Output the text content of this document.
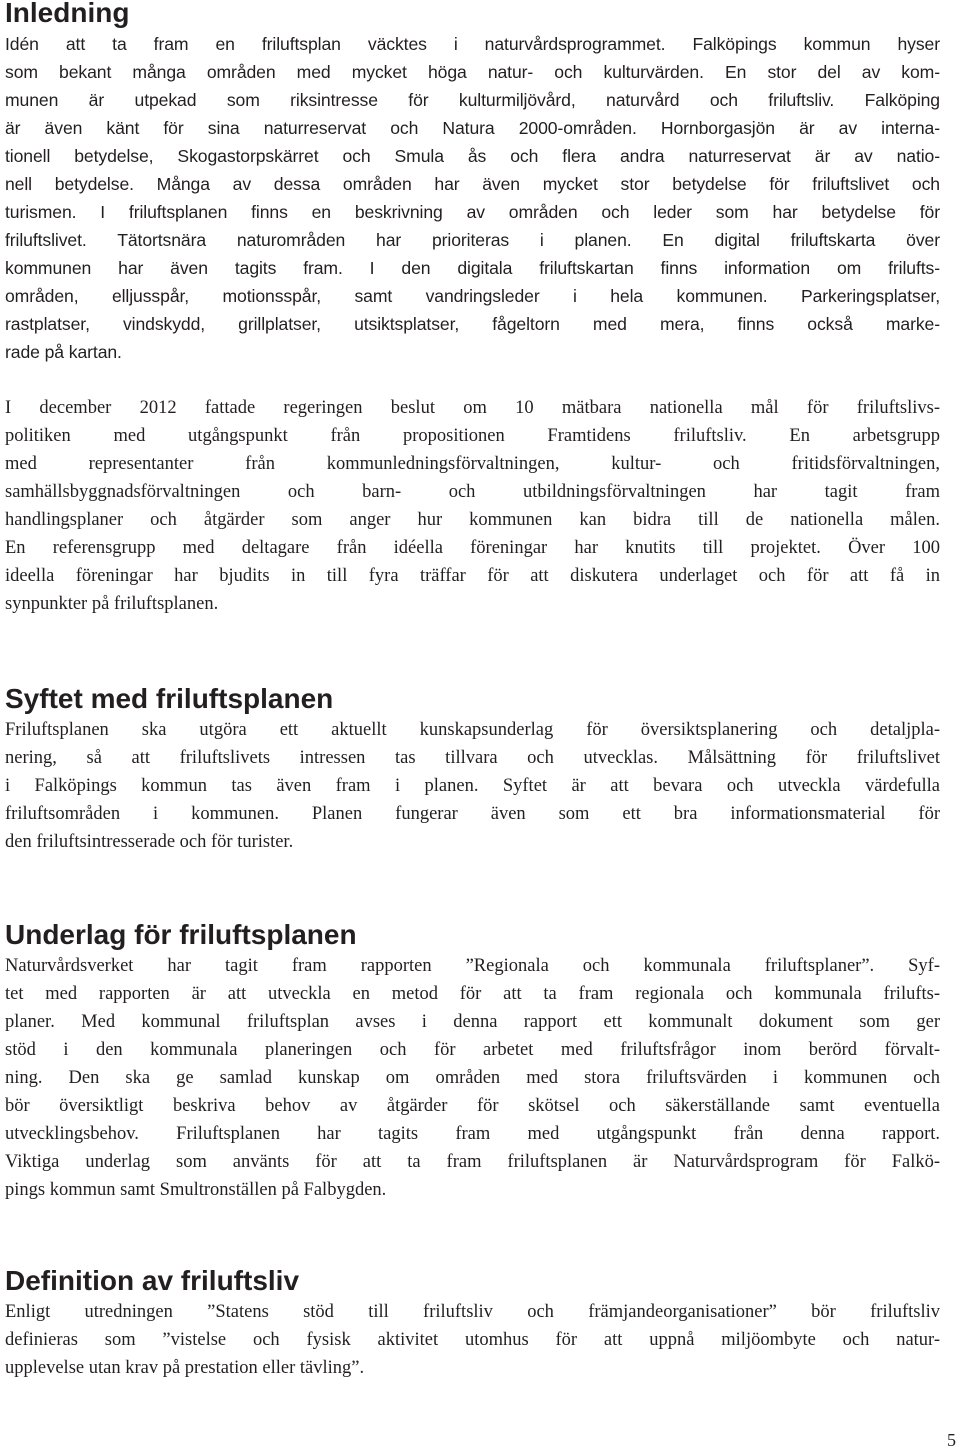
Inledning

Idén att ta fram en friluftsplan väcktes i naturvårdsprogrammet. Falköpings kommun hyser
som bekant många områden med mycket höga natur- och kulturvärden. En stor del av kom-
munen är utpekad som riksintresse för kulturmiljövård, naturvård och friluftsliv. Falköping
är även känt för sina naturreservat och Natura 2000-områden. Hornborgasjön är av interna-
tionell betydelse, Skogastorpskärret och Smula ås och flera andra naturreservat är av natio-
nell betydelse. Många av dessa områden har även mycket stor betydelse för friluftslivet och
turismen. I friluftsplanen finns en beskrivning av områden och leder som har betydelse för
friluftslivet. Tätortsnära naturområden har prioriteras i planen. En digital friluftskarta över
kommunen har även tagits fram. I den digitala friluftskartan finns information om frilufts-
områden, elljusspår, motionsspår, samt vandringsleder i hela kommunen. Parkeringsplatser,
rastplatser, vindskydd, grillplatser, utsiktsplatser, fågeltorn med mera, finns också marke-
rade på kartan.

I december 2012 fattade regeringen beslut om 10 mätbara nationella mål för friluftslivs-
politiken med utgångspunkt från propositionen Framtidens friluftsliv. En arbetsgrupp
med representanter från kommunledningsförvaltningen, kultur- och fritidsförvaltningen,
samhällsbyggnadsförvaltningen och barn- och utbildningsförvaltningen har tagit fram
handlingsplaner och åtgärder som anger hur kommunen kan bidra till de nationella målen.
En referensgrupp med deltagare från idéella föreningar har knutits till projektet. Över 100
ideella föreningar har bjudits in till fyra träffar för att diskutera underlaget och för att få in
synpunkter på friluftsplanen.

Syftet med friluftsplanen

Friluftsplanen ska utgöra ett aktuellt kunskapsunderlag för översiktsplanering och detaljpla-
nering, så att friluftslivets intressen tas tillvara och utvecklas. Målsättning för friluftslivet
i Falköpings kommun tas även fram i planen. Syftet är att bevara och utveckla värdefulla
friluftsområden i kommunen. Planen fungerar även som ett bra informationsmaterial för
den friluftsintresserade och för turister.

Underlag för friluftsplanen

Naturvårdsverket har tagit fram rapporten ”Regionala och kommunala friluftsplaner”. Syf-
tet med rapporten är att utveckla en metod för att ta fram regionala och kommunala frilufts-
planer. Med kommunal friluftsplan avses i denna rapport ett kommunalt dokument som ger
stöd i den kommunala planeringen och för arbetet med friluftsfrågor inom berörd förvalt-
ning. Den ska ge samlad kunskap om områden med stora friluftsvärden i kommunen och
bör översiktligt beskriva behov av åtgärder för skötsel och säkerställande samt eventuella
utvecklingsbehov. Friluftsplanen har tagits fram med utgångspunkt från denna rapport.
Viktiga underlag som använts för att ta fram friluftsplanen är Naturvårdsprogram för Falkö-
pings kommun samt Smultronställen på Falbygden.

Definition av friluftsliv

Enligt utredningen ”Statens stöd till friluftsliv och främjandeorganisationer” bör friluftsliv
definieras som ”vistelse och fysisk aktivitet utomhus för att uppnå miljöombyte och natur-
upplevelse utan krav på prestation eller tävling”.

5
